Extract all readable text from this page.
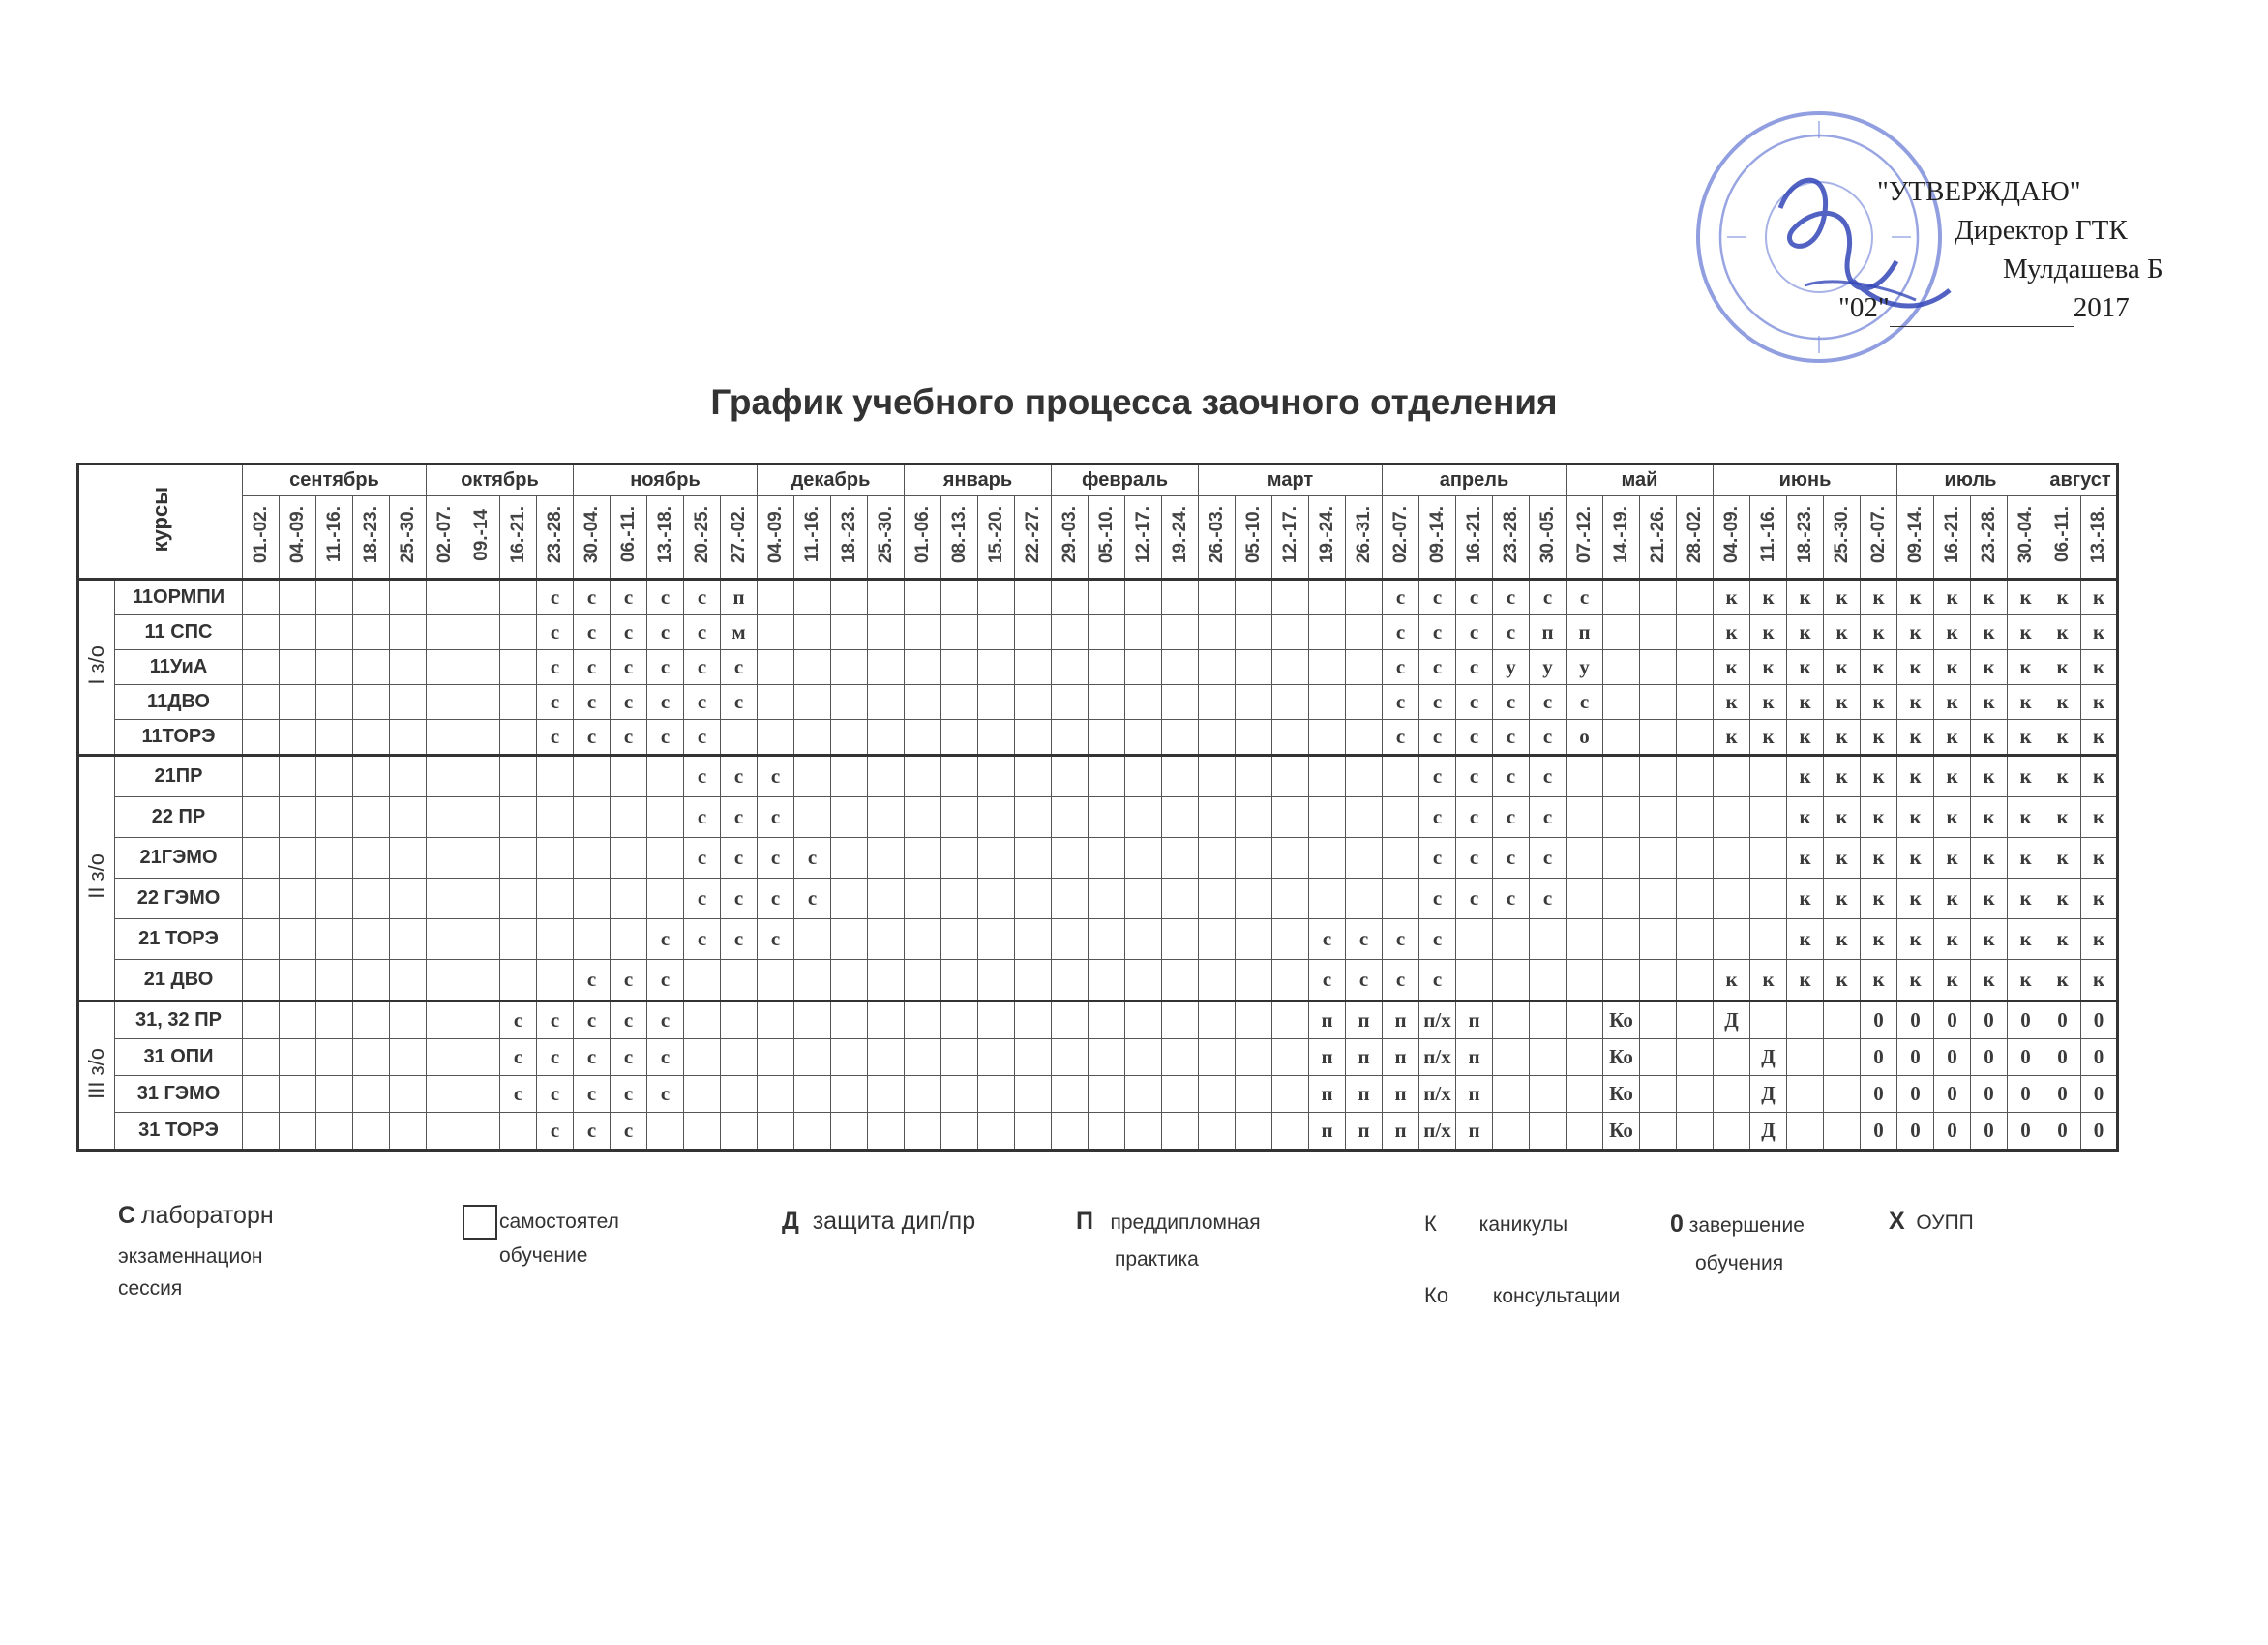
"УТВЕРЖДАЮ"
Директор ГТК
Мулдашева Б
"02"	2017
График учебного процесса заочного отделения
курсы		сентябрь					октябрь				ноябрь					декабрь				январь				февраль				март					апрель					май				июнь					июль				август	
		01.-02.	04.-09.	11.-16.	18.-23.	25.-30.	02.-07.	09.-14	16.-21.	23.-28.	30.-04.	06.-11.	13.-18.	20.-25.	27.-02.	04.-09.	11.-16.	18.-23.	25.-30.	01.-06.	08.-13.	15.-20.	22.-27.	29.-03.	05.-10.	12.-17.	19.-24.	26.-03.	05.-10.	12.-17.	19.-24.	26.-31.	02.-07.	09.-14.	16.-21.	23.-28.	30.-05.	07.-12.	14.-19.	21.-26.	28.-02.	04.-09.	11.-16.	18.-23.	25.-30.	02.-07.	09.-14.	16.-21.	23.-28.	30.-04.	06.-11.	13.-18.
I з/о	11ОРМПИ									с	с	с	с	с	п																		с	с	с	с	с	с				к	к	к	к	к	к	к	к	к	к	к
	11 СПС									с	с	с	с	с	м																		с	с	с	с	п	п				к	к	к	к	к	к	к	к	к	к	к
	11УиА									с	с	с	с	с	с																		с	с	с	у	у	у				к	к	к	к	к	к	к	к	к	к	к
	11ДВО									с	с	с	с	с	с																		с	с	с	с	с	с				к	к	к	к	к	к	к	к	к	к	к
	11ТОРЭ									с	с	с	с	с																			с	с	с	с	с	о				к	к	к	к	к	к	к	к	к	к	к
II з/о	21ПР													с	с	с																		с	с	с	с							к	к	к	к	к	к	к	к	к
	22 ПР													с	с	с																		с	с	с	с							к	к	к	к	к	к	к	к	к
	21ГЭМО													с	с	с	с																	с	с	с	с							к	к	к	к	к	к	к	к	к
	22 ГЭМО													с	с	с	с																	с	с	с	с							к	к	к	к	к	к	к	к	к
	21 ТОРЭ												с	с	с	с															с	с	с	с										к	к	к	к	к	к	к	к	к
	21 ДВО										с	с	с																		с	с	с	с								к	к	к	к	к	к	к	к	к	к	к
III з/о	31, 32 ПР								с	с	с	с	с																		п	п	п	п/х	п				Ко			Д				0	0	0	0	0	0	0
	31 ОПИ								с	с	с	с	с																		п	п	п	п/х	п				Ко				Д			0	0	0	0	0	0	0
	31 ГЭМО								с	с	с	с	с																		п	п	п	п/х	п				Ко				Д			0	0	0	0	0	0	0
	31 ТОРЭ									с	с	с																			п	п	п	п/х	п				Ко				Д			0	0	0	0	0	0	0
С лабораторн
экзаменнацион
сессия
самостоятел
обучение
Д защита дип/пр	П преддипломная
практика
К каникулы
Ко консультации
0 завершение
обучения
Х ОУПП
